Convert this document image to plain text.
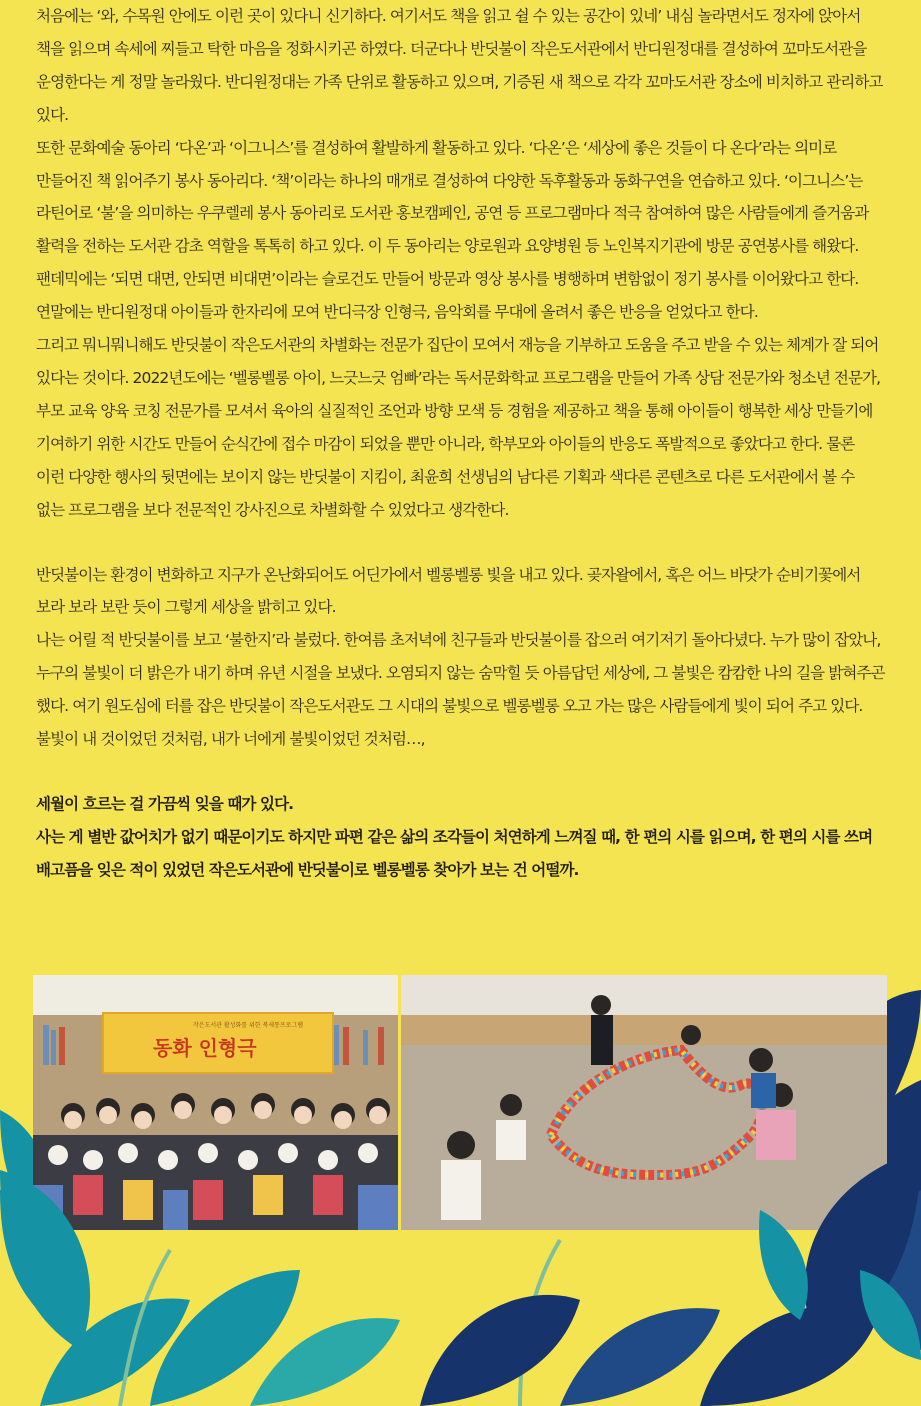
처음에는 ‘와, 수목원 안에도 이런 곳이 있다니 신기하다. 여기서도 책을 읽고 쉴 수 있는 공간이 있네’ 내심 놀라면서도 정자에 앉아서 책을 읽으며 속세에 찌들고 탁한 마음을 정화시키곤 하였다. 더군다나 반딧불이 작은도서관에서 반디원정대를 결성하여 꼬마도서관을 운영한다는 게 정말 놀라웠다. 반디원정대는 가족 단위로 활동하고 있으며, 기증된 새 책으로 각각 꼬마도서관 장소에 비치하고 관리하고 있다.

또한 문화예술 동아리 ‘다온’과 ‘이그니스’를 결성하여 활발하게 활동하고 있다. ‘다온’은 ‘세상에 좋은 것들이 다 온다’라는 의미로 만들어진 책 읽어주기 봉사 동아리다. ‘책’이라는 하나의 매개로 결성하여 다양한 독후활동과 동화구연을 연습하고 있다. ‘이그니스’는 라틴어로 ‘불’을 의미하는 우쿠렐레 봉사 동아리로 도서관 홍보캠페인, 공연 등 프로그램마다 적극 참여하여 많은 사람들에게 즐거움과 활력을 전하는 도서관 감초 역할을 톡톡히 하고 있다. 이 두 동아리는 양로원과 요양병원 등 노인복지기관에 방문 공연봉사를 해왔다. 팬데믹에는 ‘되면 대면, 안되면 비대면’이라는 슬로건도 만들어 방문과 영상 봉사를 병행하며 변함없이 정기 봉사를 이어왔다고 한다. 연말에는 반디원정대 아이들과 한자리에 모여 반디극장 인형극, 음악회를 무대에 올려서 좋은 반응을 얻었다고 한다.

그리고 뭐니뭐니해도 반딧불이 작은도서관의 차별화는 전문가 집단이 모여서 재능을 기부하고 도움을 주고 받을 수 있는 체계가 잘 되어 있다는 것이다. 2022년도에는 ‘벨롱벨롱 아이, 느긋느긋 엄빠’라는 독서문화학교 프로그램을 만들어 가족 상담 전문가와 청소년 전문가, 부모 교육 양육 코칭 전문가를 모셔서 육아의 실질적인 조언과 방향 모색 등 경험을 제공하고 책을 통해 아이들이 행복한 세상 만들기에 기여하기 위한 시간도 만들어 순식간에 접수 마감이 되었을 뿐만 아니라, 학부모와 아이들의 반응도 폭발적으로 좋았다고 한다. 물론 이런 다양한 행사의 뒷면에는 보이지 않는 반딧불이 지킴이, 최윤희 선생님의 남다른 기획과 색다른 콘텐츠로 다른 도서관에서 볼 수 없는 프로그램을 보다 전문적인 강사진으로 차별화할 수 있었다고 생각한다.

반딧불이는 환경이 변화하고 지구가 온난화되어도 어딘가에서 벨롱벨롱 빛을 내고 있다. 곶자왈에서, 혹은 어느 바닷가 순비기꽃에서 보라 보라 보란 듯이 그렇게 세상을 밝히고 있다.

나는 어릴 적 반딧불이를 보고 ‘불한지’라 불렀다. 한여름 초저녁에 친구들과 반딧불이를 잡으러 여기저기 돌아다녔다. 누가 많이 잡았나, 누구의 불빛이 더 밝은가 내기 하며 유년 시절을 보냈다. 오염되지 않는 숨막힐 듯 아름답던 세상에, 그 불빛은 캄캄한 나의 길을 밝혀주곤 했다. 여기 원도심에 터를 잡은 반딧불이 작은도서관도 그 시대의 불빛으로 벨롱벨롱 오고 가는 많은 사람들에게 빛이 되어 주고 있다. 불빛이 내 것이었던 것처럼, 내가 너에게 불빛이었던 것처럼…,

세월이 흐르는 걸 가끔씩 잊을 때가 있다.

사는 게 별반 값어치가 없기 때문이기도 하지만 파편 같은 삶의 조각들이 처연하게 느껴질 때, 한 편의 시를 읽으며, 한 편의 시를 쓰며 배고픔을 잊은 적이 있었던 작은도서관에 반딧불이로 벨롱벨롱 찾아가 보는 건 어떨까.

작은도서관 활성화를 위한 북세통프로그램
동화 인형극
